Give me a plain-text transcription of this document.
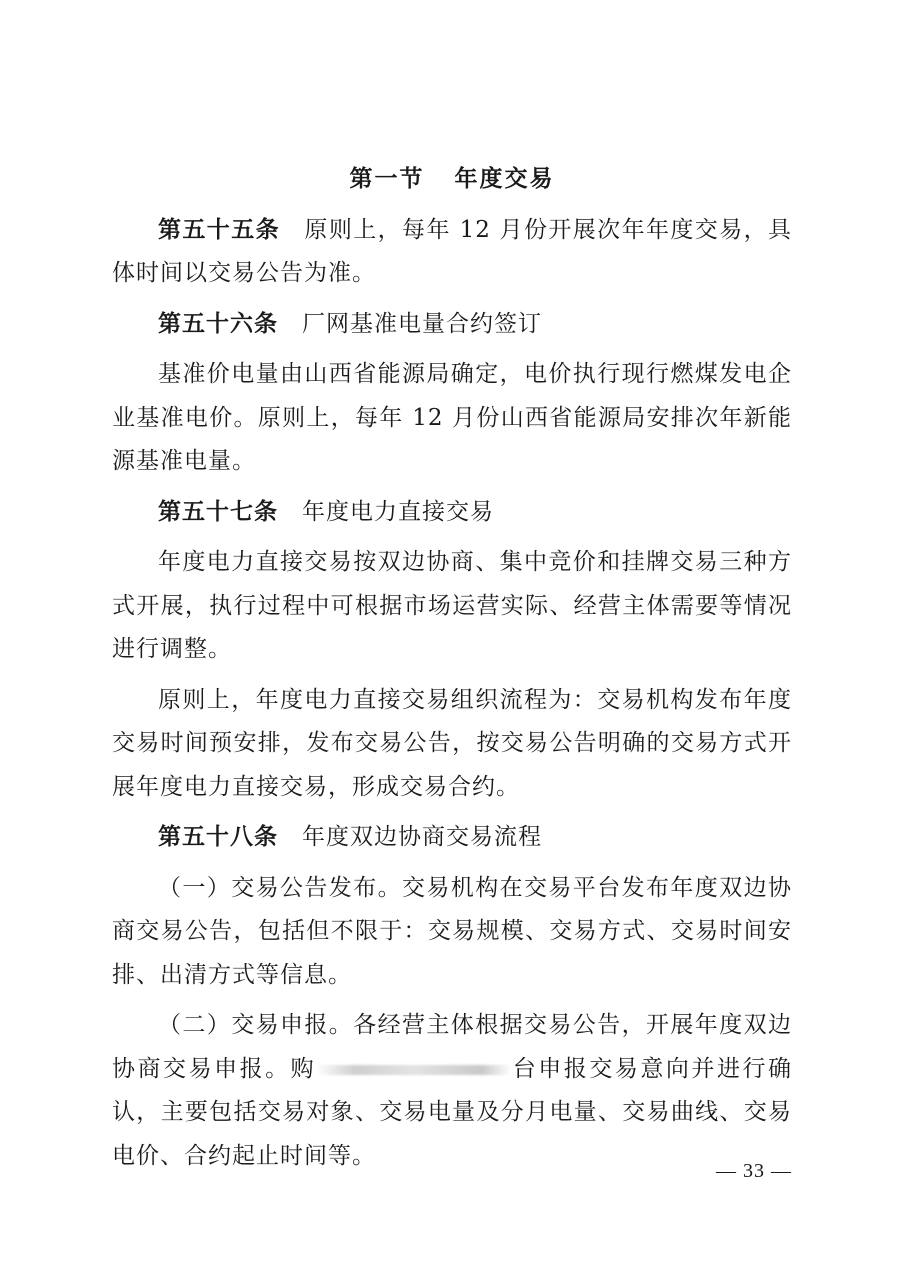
第一节 年度交易

第五十五条 原则上，每年 12 月份开展次年年度交易，具体时间以交易公告为准。

第五十六条 厂网基准电量合约签订

基准价电量由山西省能源局确定，电价执行现行燃煤发电企业基准电价。原则上，每年 12 月份山西省能源局安排次年新能源基准电量。

第五十七条 年度电力直接交易

年度电力直接交易按双边协商、集中竞价和挂牌交易三种方式开展，执行过程中可根据市场运营实际、经营主体需要等情况进行调整。

原则上，年度电力直接交易组织流程为：交易机构发布年度交易时间预安排，发布交易公告，按交易公告明确的交易方式开展年度电力直接交易，形成交易合约。

第五十八条 年度双边协商交易流程

（一）交易公告发布。交易机构在交易平台发布年度双边协商交易公告，包括但不限于：交易规模、交易方式、交易时间安排、出清方式等信息。

（二）交易申报。各经营主体根据交易公告，开展年度双边协商交易申报。购	台申报交易意向并进行确认，主要包括交易对象、交易电量及分月电量、交易曲线、交易电价、合约起止时间等。

— 33 —
